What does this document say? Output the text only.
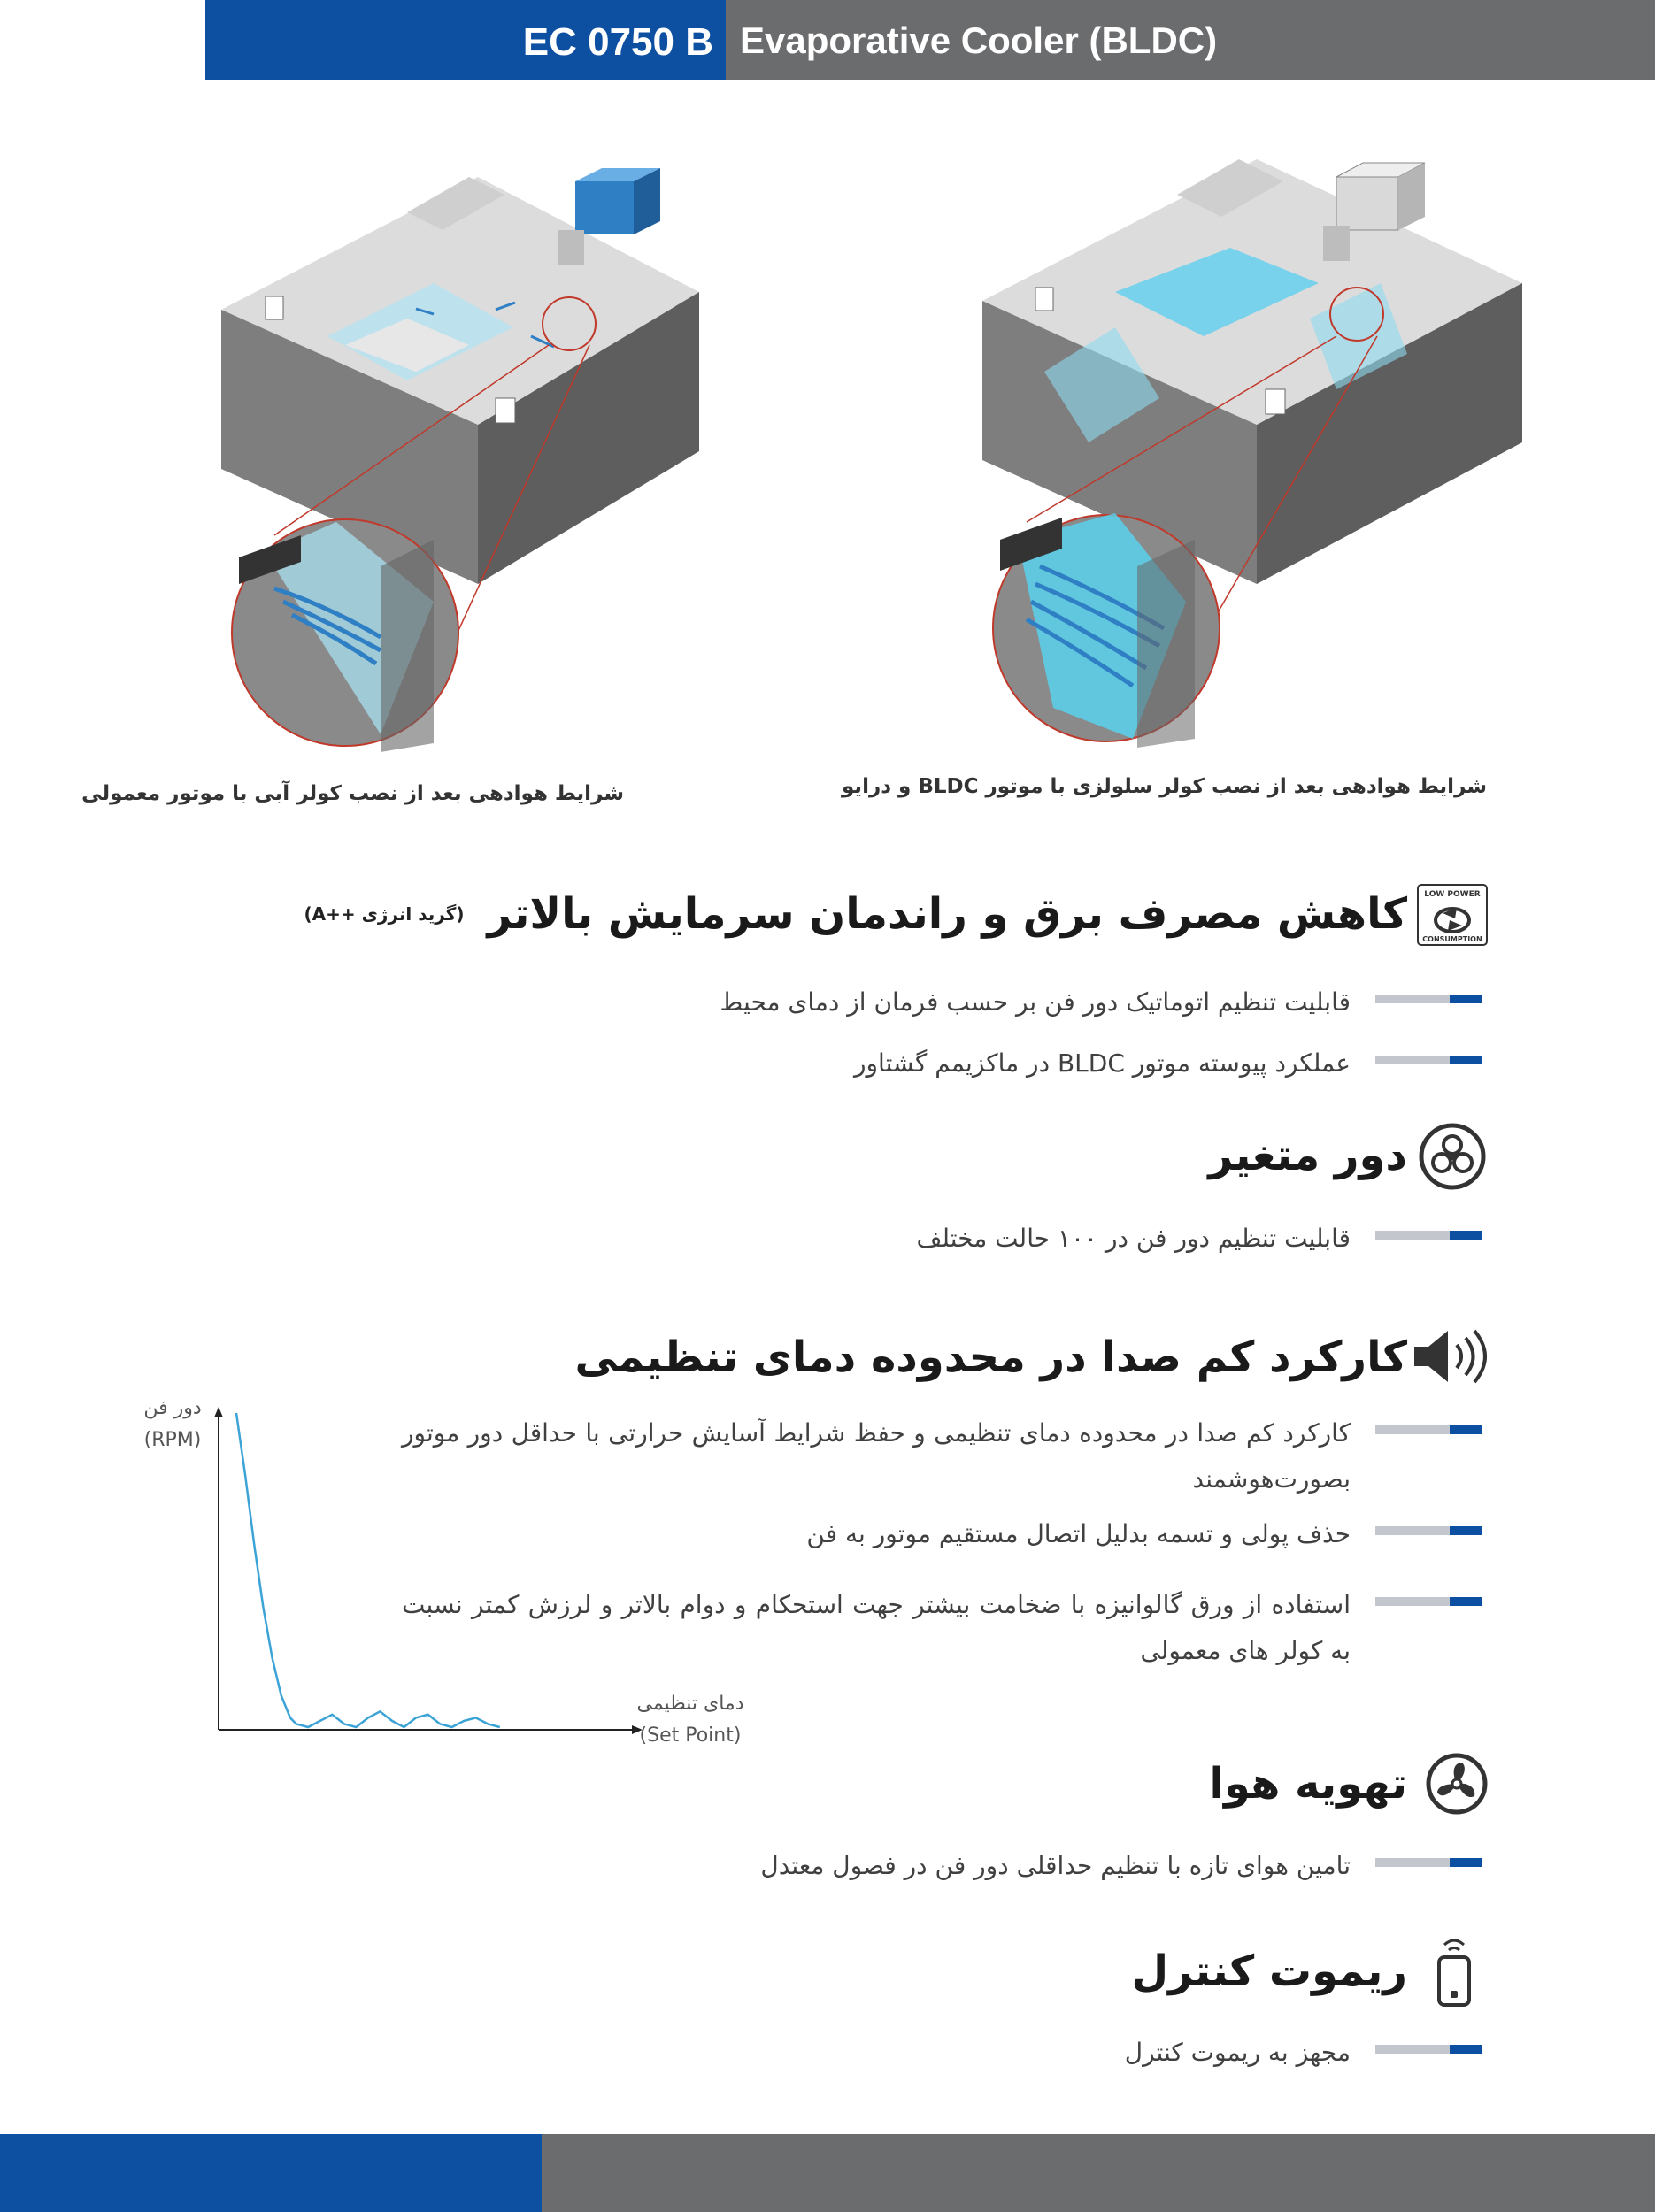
EC 0750 B Evaporative Cooler (BLDC)
شرایط هوادهی بعد از نصب کولر سلولزی با موتور BLDC و درایو
شرایط هوادهی بعد از نصب کولر آبی با موتور معمولی
LOW POWER
CONSUMPTION
کاهش مصرف برق و راندمان سرمایش بالاتر
(گرید انرژی ++A)
قابلیت تنظیم اتوماتیک دور فن بر حسب فرمان از دمای محیط
عملکرد پیوسته موتور BLDC در ماکزیمم گشتاور
دور متغیر
قابلیت تنظیم دور فن در ۱۰۰ حالت مختلف
کارکرد کم صدا در محدوده دمای تنظیمی
کارکرد کم صدا در محدوده دمای تنظیمی و حفظ شرایط آسایش حرارتی با حداقل دور موتور بصورت‌هوشمند
حذف پولی و تسمه بدلیل اتصال مستقیم موتور به فن
استفاده از ورق گالوانیزه با ضخامت بیشتر جهت استحکام و دوام بالاتر و لرزش کمتر نسبت به کولر های معمولی
دور فن
(RPM)
دمای تنظیمی
(Set Point)
تهویه هوا
تامین هوای تازه با تنظیم حداقلی دور فن در فصول معتدل
ریموت کنترل
مجهز به ریموت کنترل
